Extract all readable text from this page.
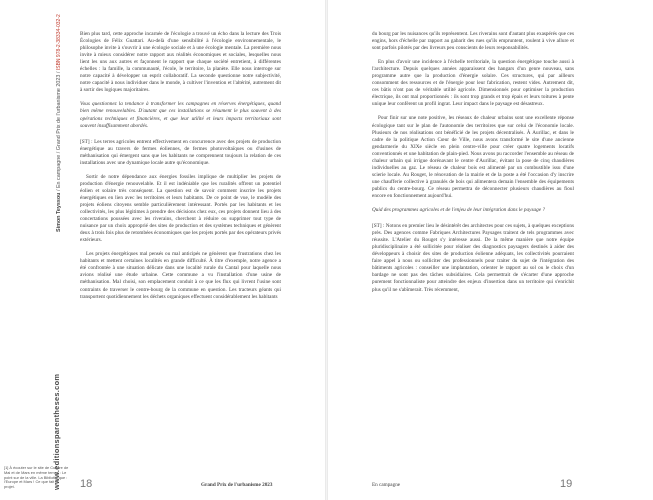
Simon Teyssou / En campagne / Grand Prix de l'urbanisme 2023 / ISBN 978-2-38334-032-2
www.editionsparentheses.com
[1] À écouter sur le site de Culture de Mai et de Mars en même temps : Le point sur de la ville. La Bibliothèque : l'Europe et Mars ! Ce que fait le projet.

Bien plus tard, cette approche incarnée de l'écologie a trouvé un écho dans la lecture des Trois Écologies de Félix Guattari. Au-delà d'une sensibilité à l'écologie environnementale, le philosophe invite à s'ouvrir à une écologie sociale et à une écologie mentale. La première nous invite à mieux considérer notre rapport aux réalités économiques et sociales, lesquelles nous lient les uns aux autres et façonnent le rapport que chaque société entretient, à différentes échelles : la famille, la communauté, l'école, le territoire, la planète. Elle nous interroge sur notre capacité à développer un esprit collaboratif. La seconde questionne notre subjectivité, notre capacité à nous individuer dans le monde, à cultiver l'invention et l'altérité, autrement dit à sortir des logiques majoritaires.

Vous questionnez la tendance à transformer les campagnes en réserves énergétiques, quand bien même renouvelables. D'autant que ces installations se résument le plus souvent à des opérations techniques et financières, et que leur utilité et leurs impacts territoriaux sont souvent insuffisamment abordés.

[ST] : Les terres agricoles entrent effectivement en concurrence avec des projets de production énergétique au travers de fermes éoliennes, de fermes photovoltaïques ou d'usines de méthanisation qui émergent sans que les habitants ne comprennent toujours la relation de ces installations avec une dynamique locale autre qu'économique.

Sortir de notre dépendance aux énergies fossiles implique de multiplier les projets de production d'énergie renouvelable. Et il est indéniable que les ruralités offrent un potentiel éolien et solaire très conséquent. La question est de savoir comment inscrire les projets énergétiques en lien avec les territoires et leurs habitants. De ce point de vue, le modèle des projets éoliens citoyens semble particulièrement intéressant. Portés par les habitants et les collectivités, les plus légitimes à prendre des décisions chez eux, ces projets donnent lieu à des concertations poussées avec les riverains, cherchent à réduire ou supprimer tout type de nuisance par un choix approprié des sites de production et des systèmes techniques et génèrent deux à trois fois plus de retombées économiques que les projets portés par des opérateurs privés extérieurs.

Les projets énergétiques mal pensés ou mal anticipés ne génèrent que frustrations chez les habitants et mettent certaines localités en grande difficulté. À titre d'exemple, notre agence a été confrontée à une situation délicate dans une localité rurale du Cantal pour laquelle nous avions réalisé une étude urbaine. Cette commune a vu l'installation d'une usine de méthanisation. Mal choisi, son emplacement conduit à ce que les flux qui livrent l'usine sont contraints de traverser le centre-bourg de la commune en question. Les tracteurs géants qui transportent quotidiennement les déchets organiques effectuent considérablement les habitants

du bourg par les nuisances qu'ils représentent. Les riverains sont d'autant plus exaspérés que ces engins, hors d'échelle par rapport au gabarit des rues qu'ils empruntent, roulent à vive allure et sont parfois pilotés par des livreurs peu conscients de leurs responsabilités.

En plus d'avoir une incidence à l'échelle territoriale, la question énergétique touche aussi à l'architecture. Depuis quelques années apparaissent des hangars d'un genre nouveau, sans programme autre que la production d'énergie solaire. Ces structures, qui par ailleurs consomment des ressources et de l'énergie pour leur fabrication, restent vides. Autrement dit, ces bâtis n'ont pas de véritable utilité agricole. Dimensionnés pour optimiser la production électrique, ils ont mal proportionnés : ils sont trop grands et trop épais et leurs toitures à pente unique leur confèrent un profil ingrat. Leur impact dans le paysage est désastreux.

Pour finir sur une note positive, les réseaux de chaleur urbains sont une excellente réponse écologique tant sur le plan de l'autonomie des territoires que sur celui de l'économie locale. Plusieurs de nos réalisations ont bénéficié de les projets décentralisés. À Aurillac, et dans le cadre de la politique Action Cœur de Ville, nous avons transformé le site d'une ancienne gendarmerie du XIXe siècle en plein centre-ville pour créer quatre logements locatifs conventionnés et une habitation de plain-pied. Nous avons pu raccorder l'ensemble au réseau de chaleur urbain qui irrigue dorénavant le centre d'Aurillac, évitant la pose de cinq chaudières individuelles au gaz. Le réseau de chaleur bois est alimenté par un combustible issu d'une scierie locale. Au Rouget, le rénovation de la mairie et de la poste a été l'occasion d'y inscrire une chaufferie collective à granulés de bois qui alimentera demain l'ensemble des équipements publics du centre-bourg. Ce réseau permettra de déconnecter plusieurs chaudières au fioul encore en fonctionnement aujourd'hui.

Quid des programmes agricoles et de l'enjeu de leur intégration dans le paysage ?

[ST] : Notons en premier lieu le désintérêt des architectes pour ces sujets, à quelques exceptions près. Des agences comme Fabriques Architectures Paysages traitent de tels programmes avec réussite. L'Atelier du Rouget s'y intéresse aussi. De la même manière que notre équipe pluridisciplinaire a été sollicitée pour réaliser des diagnostics paysagers destinés à aider des développeurs à choisir des sites de production éolienne adéquats, les collectivités pourraient faire appel à nous ou solliciter des professionnels pour traiter du sujet de l'intégration des bâtiments agricoles : conseiller une implantation, orienter le rapport au sol ou le choix d'un bardage ne sont pas des tâches subsidiaires. Cela permettrait de s'écarter d'une approche purement fonctionnaliste pour atteindre des enjeux d'insertion dans un territoire qui s'enrichit plus qu'il ne s'abîmerait. Très récemment,

18	Grand Prix de l'urbanisme 2023	En campagne	19
